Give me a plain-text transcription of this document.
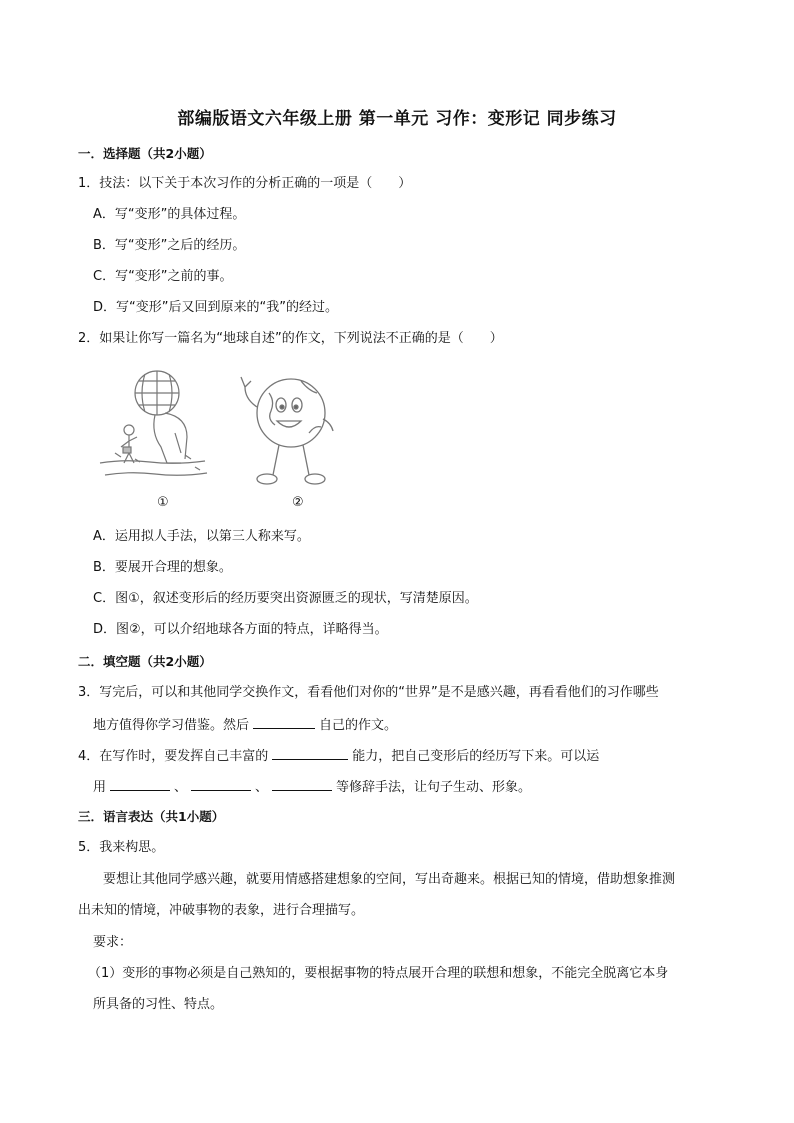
部编版语文六年级上册 第一单元 习作：变形记 同步练习
一．选择题（共2小题）
1．技法：以下关于本次习作的分析正确的一项是（　　）
A．写“变形”的具体过程。
B．写“变形”之后的经历。
C．写“变形”之前的事。
D．写“变形”后又回到原来的“我”的经过。
2．如果让你写一篇名为“地球自述”的作文，下列说法不正确的是（　　）
①	②
A．运用拟人手法，以第三人称来写。
B．要展开合理的想象。
C．图①，叙述变形后的经历要突出资源匮乏的现状，写清楚原因。
D．图②，可以介绍地球各方面的特点，详略得当。
二．填空题（共2小题）
3．写完后，可以和其他同学交换作文，看看他们对你的“世界”是不是感兴趣，再看看他们的习作哪些
地方值得你学习借鉴。然后	自己的作文。
4．在写作时，要发挥自己丰富的	能力，把自己变形后的经历写下来。可以运
用	、	、	等修辞手法，让句子生动、形象。
三．语言表达（共1小题）
5．我来构思。
要想让其他同学感兴趣，就要用情感搭建想象的空间，写出奇趣来。根据已知的情境，借助想象推测
出未知的情境，冲破事物的表象，进行合理描写。
要求：
（1）变形的事物必须是自己熟知的，要根据事物的特点展开合理的联想和想象，不能完全脱离它本身
所具备的习性、特点。
